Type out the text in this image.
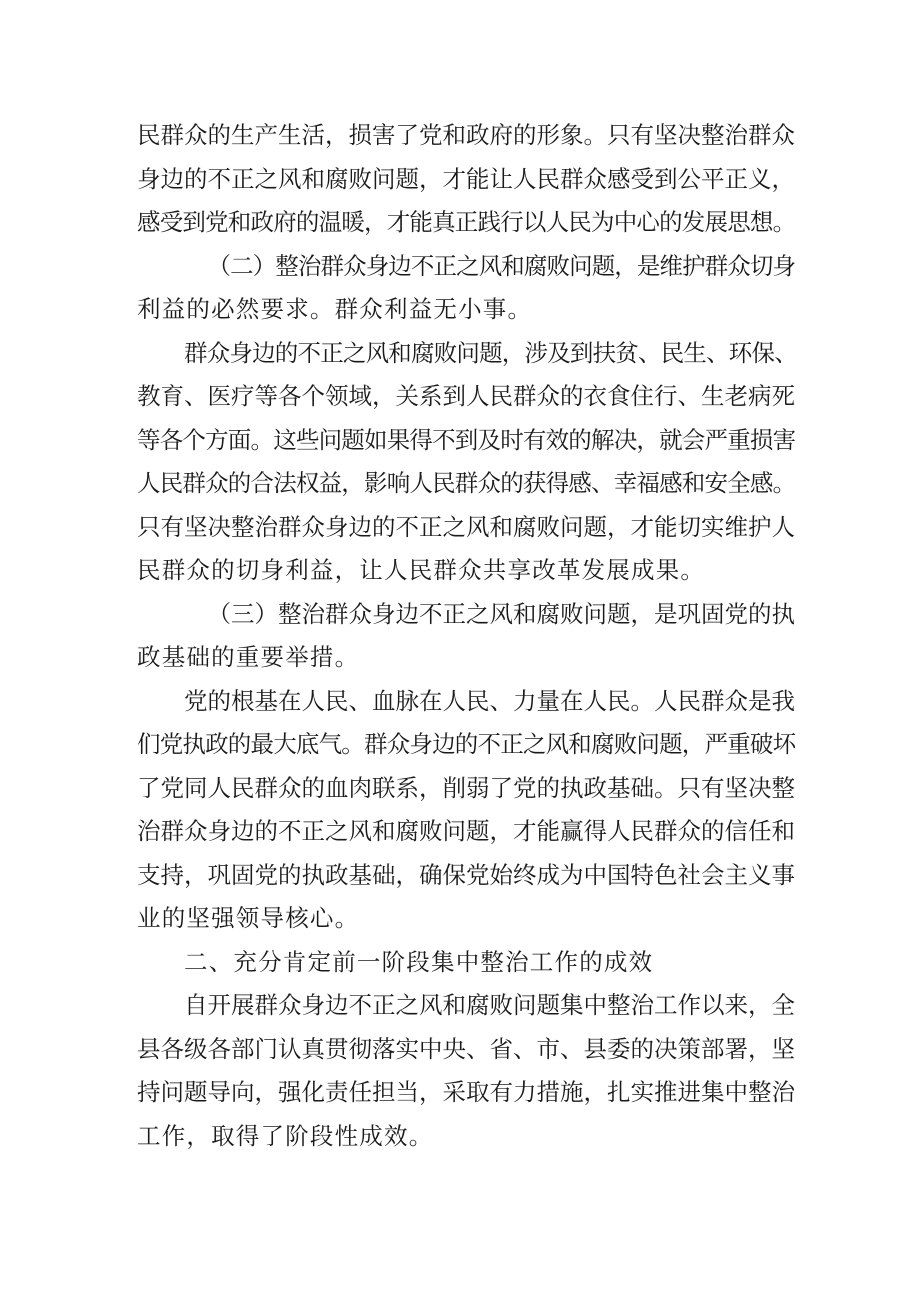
民群众的生产生活，损害了党和政府的形象。只有坚决整治群众
身边的不正之风和腐败问题，才能让人民群众感受到公平正义，
感受到党和政府的温暖，才能真正践行以人民为中心的发展思想。

（二）整治群众身边不正之风和腐败问题，是维护群众切身
利益的必然要求。群众利益无小事。

群众身边的不正之风和腐败问题，涉及到扶贫、民生、环保、
教育、医疗等各个领域，关系到人民群众的衣食住行、生老病死
等各个方面。这些问题如果得不到及时有效的解决，就会严重损害
人民群众的合法权益，影响人民群众的获得感、幸福感和安全感。
只有坚决整治群众身边的不正之风和腐败问题，才能切实维护人
民群众的切身利益，让人民群众共享改革发展成果。

（三）整治群众身边不正之风和腐败问题，是巩固党的执
政基础的重要举措。

党的根基在人民、血脉在人民、力量在人民。人民群众是我
们党执政的最大底气。群众身边的不正之风和腐败问题，严重破坏
了党同人民群众的血肉联系，削弱了党的执政基础。只有坚决整
治群众身边的不正之风和腐败问题，才能赢得人民群众的信任和
支持，巩固党的执政基础，确保党始终成为中国特色社会主义事
业的坚强领导核心。

二、充分肯定前一阶段集中整治工作的成效

自开展群众身边不正之风和腐败问题集中整治工作以来，全
县各级各部门认真贯彻落实中央、省、市、县委的决策部署，坚
持问题导向，强化责任担当，采取有力措施，扎实推进集中整治
工作，取得了阶段性成效。
